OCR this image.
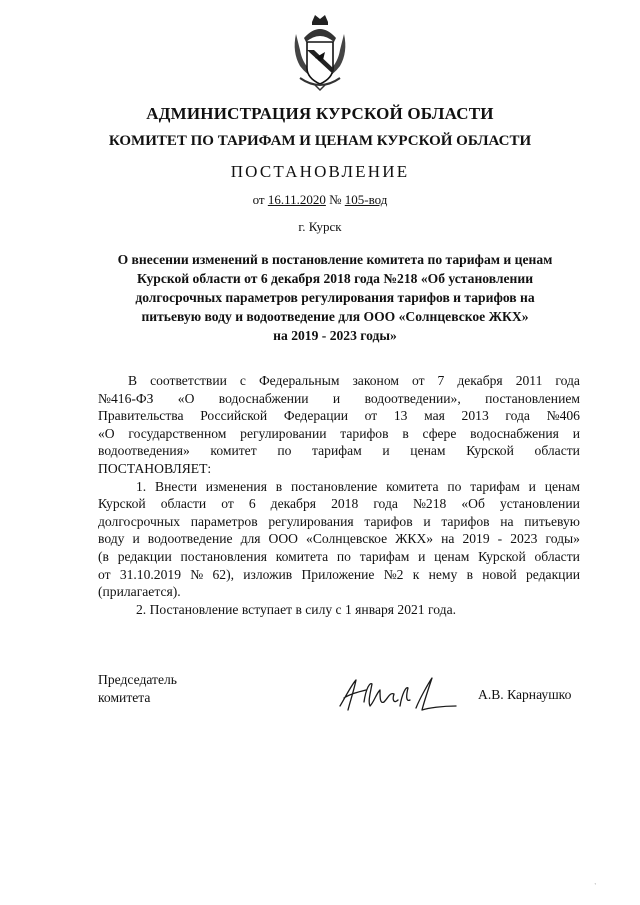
АДМИНИСТРАЦИЯ КУРСКОЙ ОБЛАСТИ
КОМИТЕТ ПО ТАРИФАМ И ЦЕНАМ КУРСКОЙ ОБЛАСТИ
ПОСТАНОВЛЕНИЕ
от 16.11.2020 № 105-вод
г. Курск
О внесении изменений в постановление комитета по тарифам и ценам
Курской области от 6 декабря 2018 года №218 «Об установлении
долгосрочных параметров регулирования тарифов и тарифов на
питьевую воду и водоотведение для ООО «Солнцевское ЖКХ»
на 2019 - 2023 годы»
В соответствии с Федеральным законом от 7 декабря 2011 года
№416-ФЗ «О водоснабжении и водоотведении», постановлением
Правительства Российской Федерации от 13 мая 2013 года №406
«О государственном регулировании тарифов в сфере водоснабжения и
водоотведения» комитет по тарифам и ценам Курской области
ПОСТАНОВЛЯЕТ:
1. Внести изменения в постановление комитета по тарифам и ценам
Курской области от 6 декабря 2018 года №218 «Об установлении
долгосрочных параметров регулирования тарифов и тарифов на питьевую
воду и водоотведение для ООО «Солнцевское ЖКХ» на 2019 - 2023 годы»
(в редакции постановления комитета по тарифам и ценам Курской области
от 31.10.2019 № 62), изложив Приложение №2 к нему в новой редакции
(прилагается).
2. Постановление вступает в силу с 1 января 2021 года.
Председатель
комитета	А.В. Карнаушко
ˑ
